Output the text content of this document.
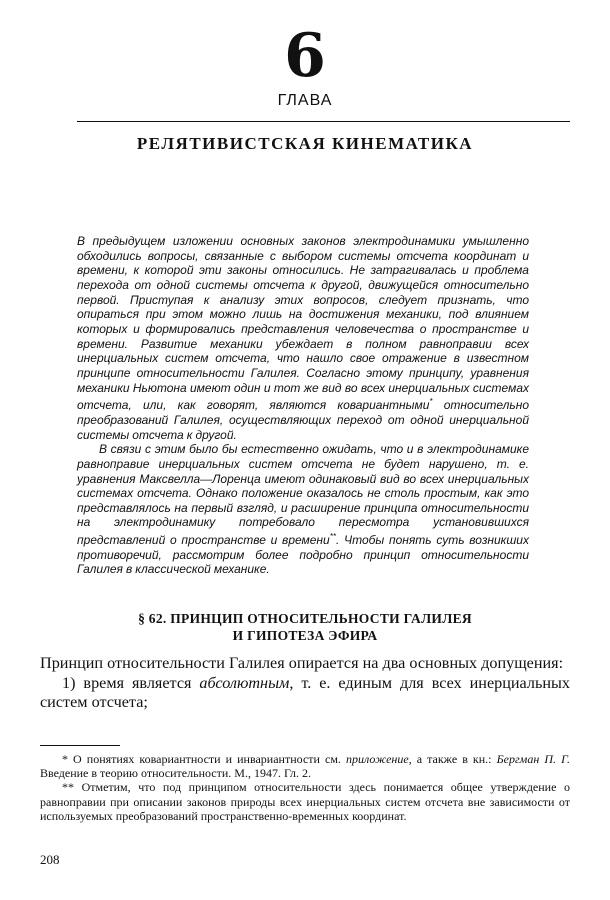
6
ГЛАВА
РЕЛЯТИВИСТСКАЯ КИНЕМАТИКА

В предыдущем изложении основных законов электродинамики умышленно обходились вопросы, связанные с выбором системы отсчета координат и времени, к которой эти законы относились. Не затрагивалась и проблема перехода от одной системы отсчета к другой, движущейся относительно первой. Приступая к анализу этих вопросов, следует признать, что опираться при этом можно лишь на достижения механики, под влиянием которых и формировались представления человечества о пространстве и времени. Развитие механики убеждает в полном равноправии всех инерциальных систем отсчета, что нашло свое отражение в известном принципе относительности Галилея. Согласно этому принципу, уравнения механики Ньютона имеют один и тот же вид во всех инерциальных системах отсчета, или, как говорят, являются ковариантными* относительно преобразований Галилея, осуществляющих переход от одной инерциальной системы отсчета к другой.

В связи с этим было бы естественно ожидать, что и в электродинамике равноправие инерциальных систем отсчета не будет нарушено, т. е. уравнения Максвелла—Лоренца имеют одинаковый вид во всех инерциальных системах отсчета. Однако положение оказалось не столь простым, как это представлялось на первый взгляд, и расширение принципа относительности на электродинамику потребовало пересмотра установившихся представлений о пространстве и времени**. Чтобы понять суть возникших противоречий, рассмотрим более подробно принцип относительности Галилея в классической механике.

§ 62. ПРИНЦИП ОТНОСИТЕЛЬНОСТИ ГАЛИЛЕЯ
И ГИПОТЕЗА ЭФИРА

Принцип относительности Галилея опирается на два основных допущения:

1) время является абсолютным, т. е. единым для всех инерциальных систем отсчета;

* О понятиях ковариантности и инвариантности см. приложение, а также в кн.: Бергман П. Г. Введение в теорию относительности. М., 1947. Гл. 2.

** Отметим, что под принципом относительности здесь понимается общее утверждение о равноправии при описании законов природы всех инерциальных систем отсчета вне зависимости от используемых преобразований пространственно-временных координат.

208
